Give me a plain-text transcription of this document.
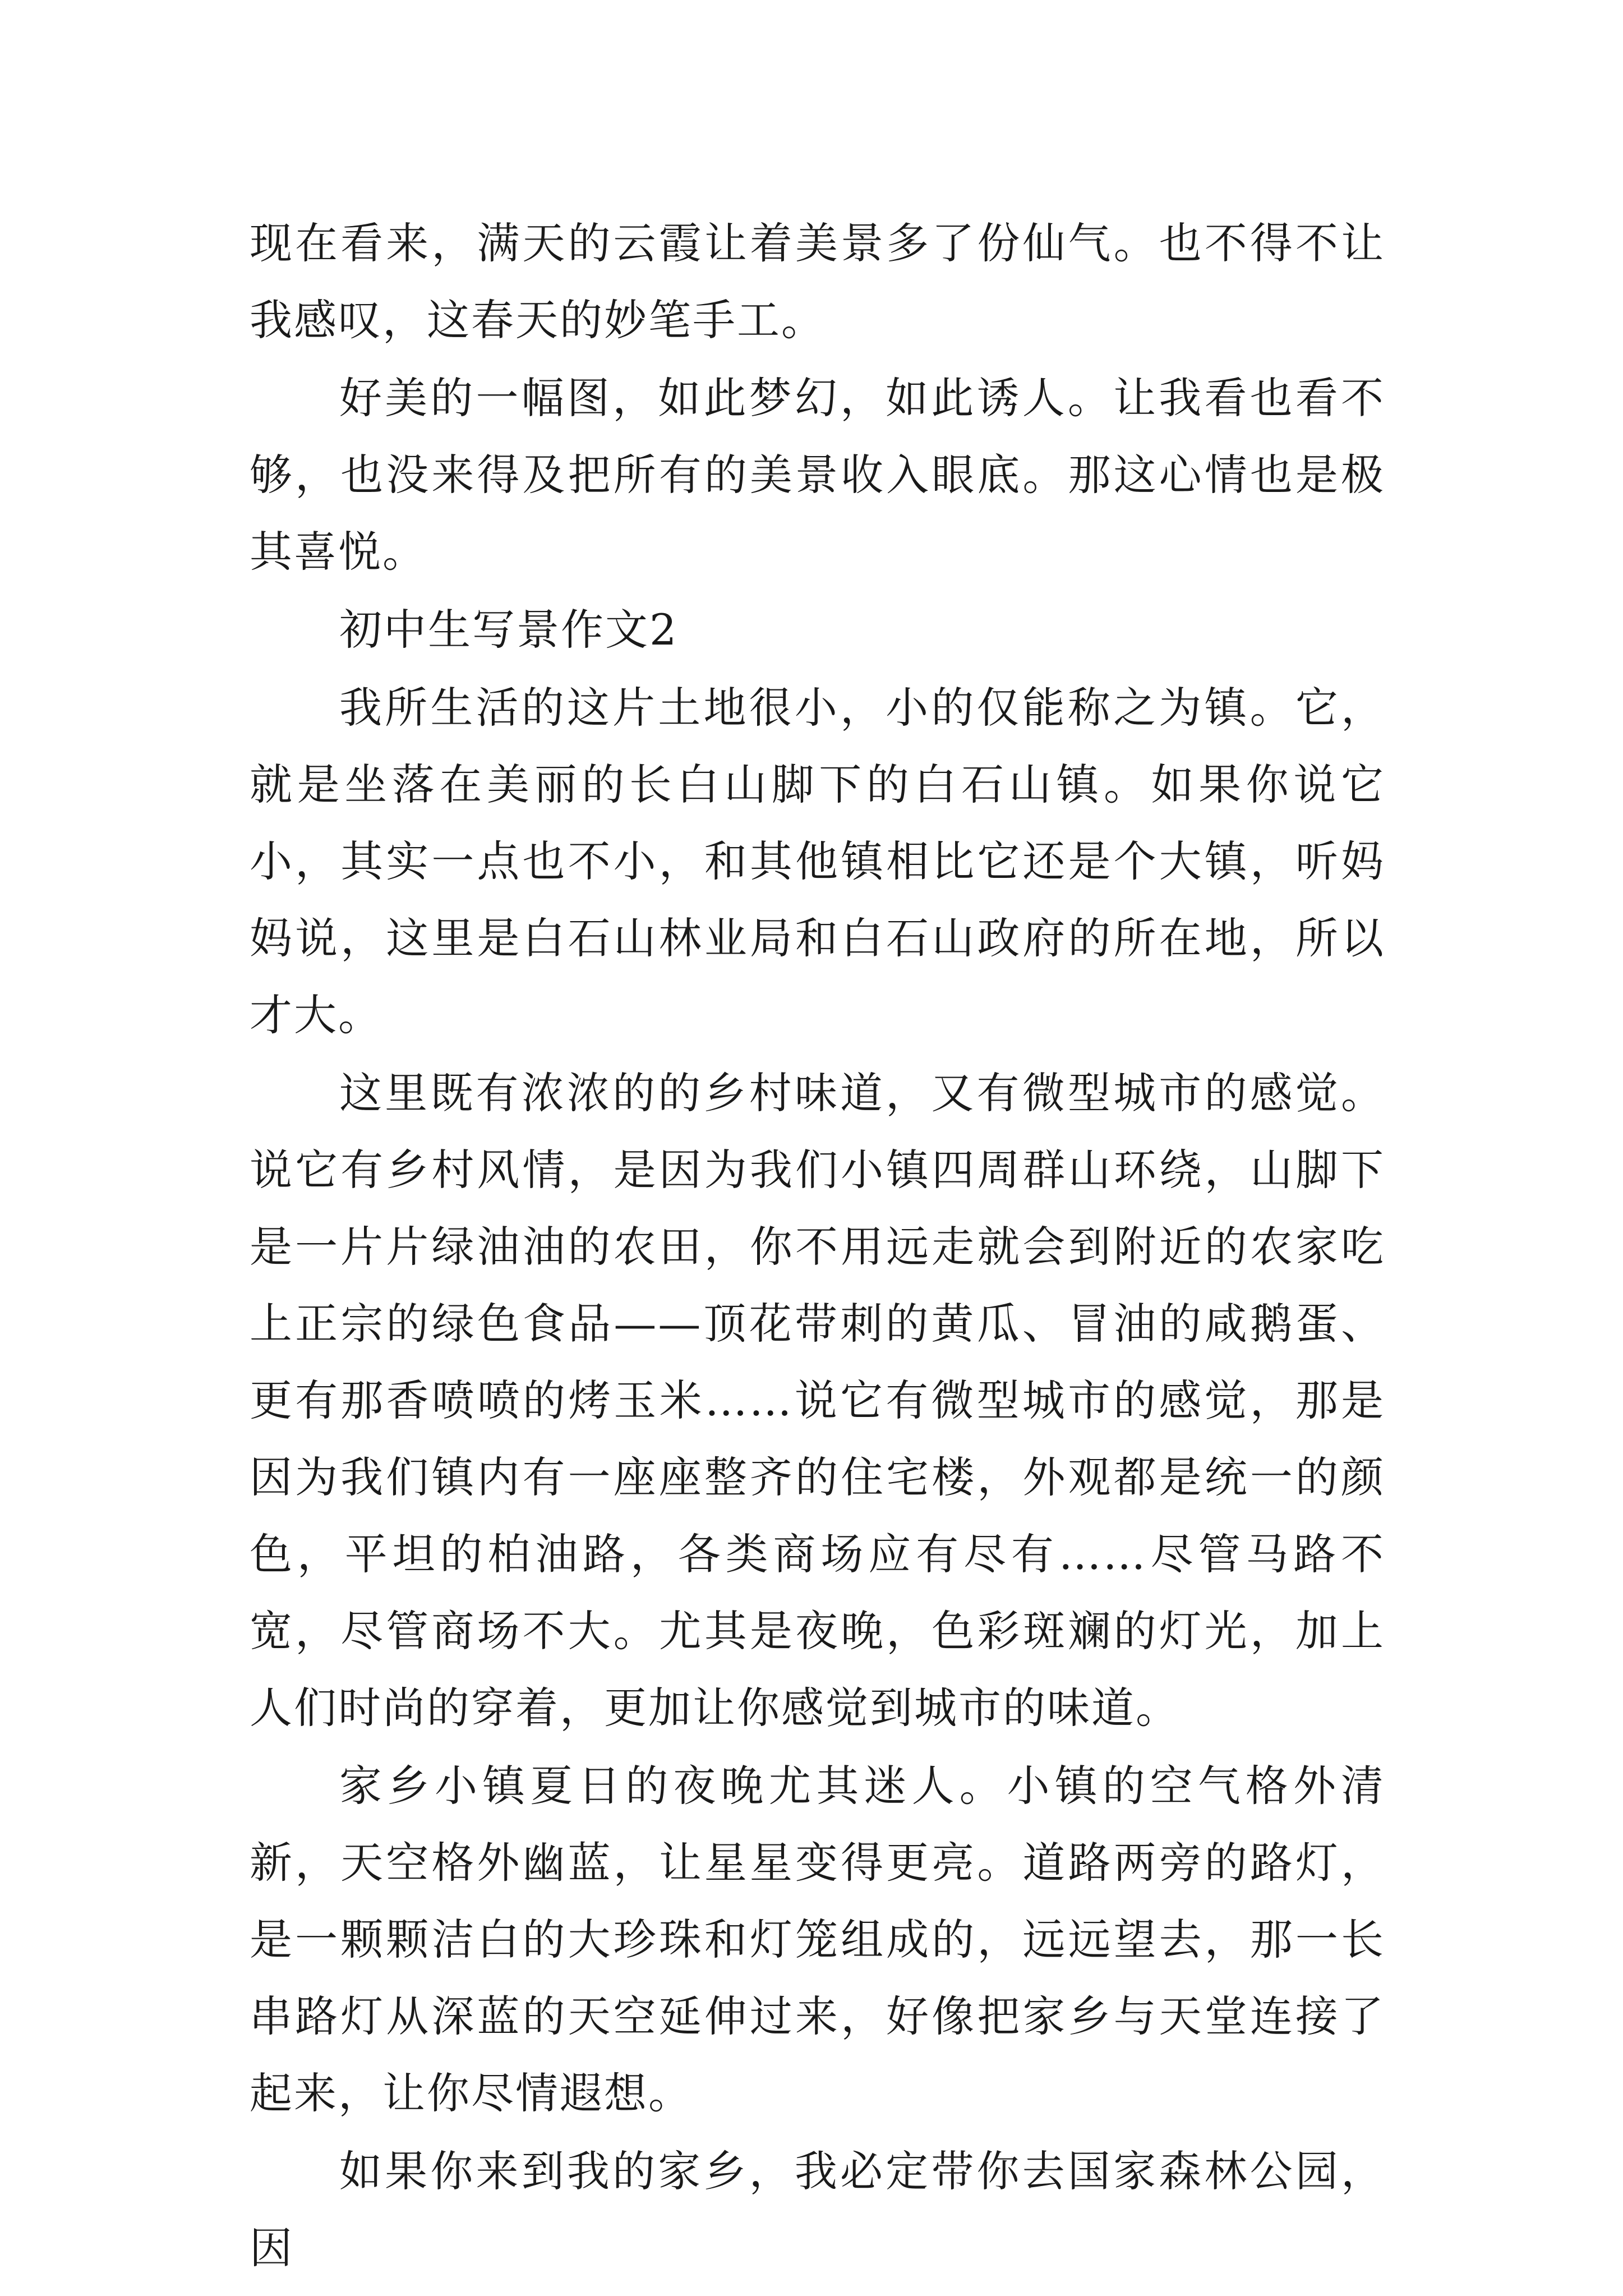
现在看来，满天的云霞让着美景多了份仙气。也不得不让我感叹，这春天的妙笔手工。

好美的一幅图，如此梦幻，如此诱人。让我看也看不够，也没来得及把所有的美景收入眼底。那这心情也是极其喜悦。

初中生写景作文2

我所生活的这片土地很小，小的仅能称之为镇。它，就是坐落在美丽的长白山脚下的白石山镇。如果你说它小，其实一点也不小，和其他镇相比它还是个大镇，听妈妈说，这里是白石山林业局和白石山政府的所在地，所以才大。

这里既有浓浓的的乡村味道，又有微型城市的感觉。说它有乡村风情，是因为我们小镇四周群山环绕，山脚下是一片片绿油油的农田，你不用远走就会到附近的农家吃上正宗的绿色食品——顶花带刺的黄瓜、冒油的咸鹅蛋、更有那香喷喷的烤玉米……说它有微型城市的感觉，那是因为我们镇内有一座座整齐的住宅楼，外观都是统一的颜色，平坦的柏油路，各类商场应有尽有……尽管马路不宽，尽管商场不大。尤其是夜晚，色彩斑斓的灯光，加上人们时尚的穿着，更加让你感觉到城市的味道。

家乡小镇夏日的夜晚尤其迷人。小镇的空气格外清新，天空格外幽蓝，让星星变得更亮。道路两旁的路灯，是一颗颗洁白的大珍珠和灯笼组成的，远远望去，那一长串路灯从深蓝的天空延伸过来，好像把家乡与天堂连接了起来，让你尽情遐想。

如果你来到我的家乡，我必定带你去国家森林公园，因
